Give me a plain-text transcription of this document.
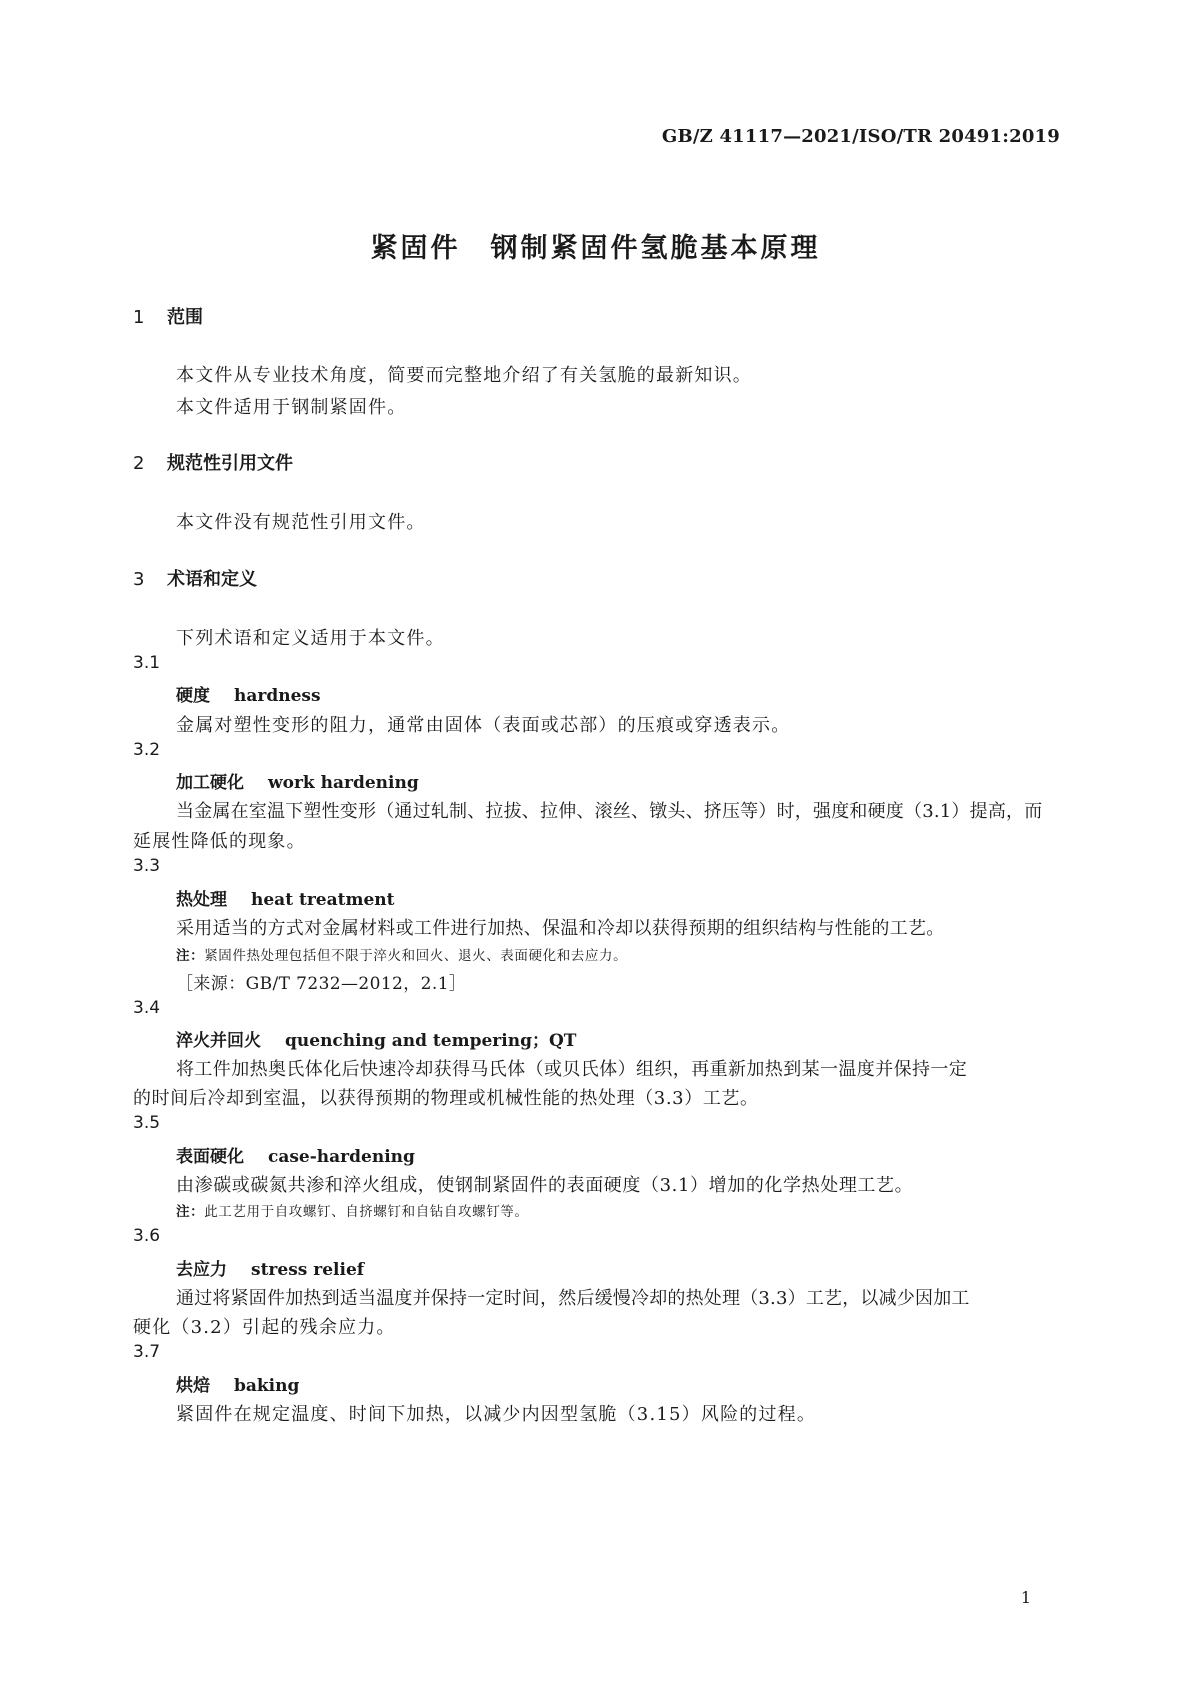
GB/Z 41117—2021/ISO/TR 20491:2019
紧固件　钢制紧固件氢脆基本原理
1 范围
本文件从专业技术角度，简要而完整地介绍了有关氢脆的最新知识。
本文件适用于钢制紧固件。
2 规范性引用文件
本文件没有规范性引用文件。
3 术语和定义
下列术语和定义适用于本文件。
3.1
硬度 hardness
金属对塑性变形的阻力，通常由固体（表面或芯部）的压痕或穿透表示。
3.2
加工硬化 work hardening
当金属在室温下塑性变形（通过轧制、拉拔、拉伸、滚丝、镦头、挤压等）时，强度和硬度（3.1）提高，而
延展性降低的现象。
3.3
热处理 heat treatment
采用适当的方式对金属材料或工件进行加热、保温和冷却以获得预期的组织结构与性能的工艺。
注：紧固件热处理包括但不限于淬火和回火、退火、表面硬化和去应力。
［来源：GB/T 7232—2012，2.1］
3.4
淬火并回火 quenching and tempering；QT
将工件加热奥氏体化后快速冷却获得马氏体（或贝氏体）组织，再重新加热到某一温度并保持一定
的时间后冷却到室温，以获得预期的物理或机械性能的热处理（3.3）工艺。
3.5
表面硬化 case-hardening
由渗碳或碳氮共渗和淬火组成，使钢制紧固件的表面硬度（3.1）增加的化学热处理工艺。
注：此工艺用于自攻螺钉、自挤螺钉和自钻自攻螺钉等。
3.6
去应力 stress relief
通过将紧固件加热到适当温度并保持一定时间，然后缓慢冷却的热处理（3.3）工艺，以减少因加工
硬化（3.2）引起的残余应力。
3.7
烘焙 baking
紧固件在规定温度、时间下加热，以减少内因型氢脆（3.15）风险的过程。
1
